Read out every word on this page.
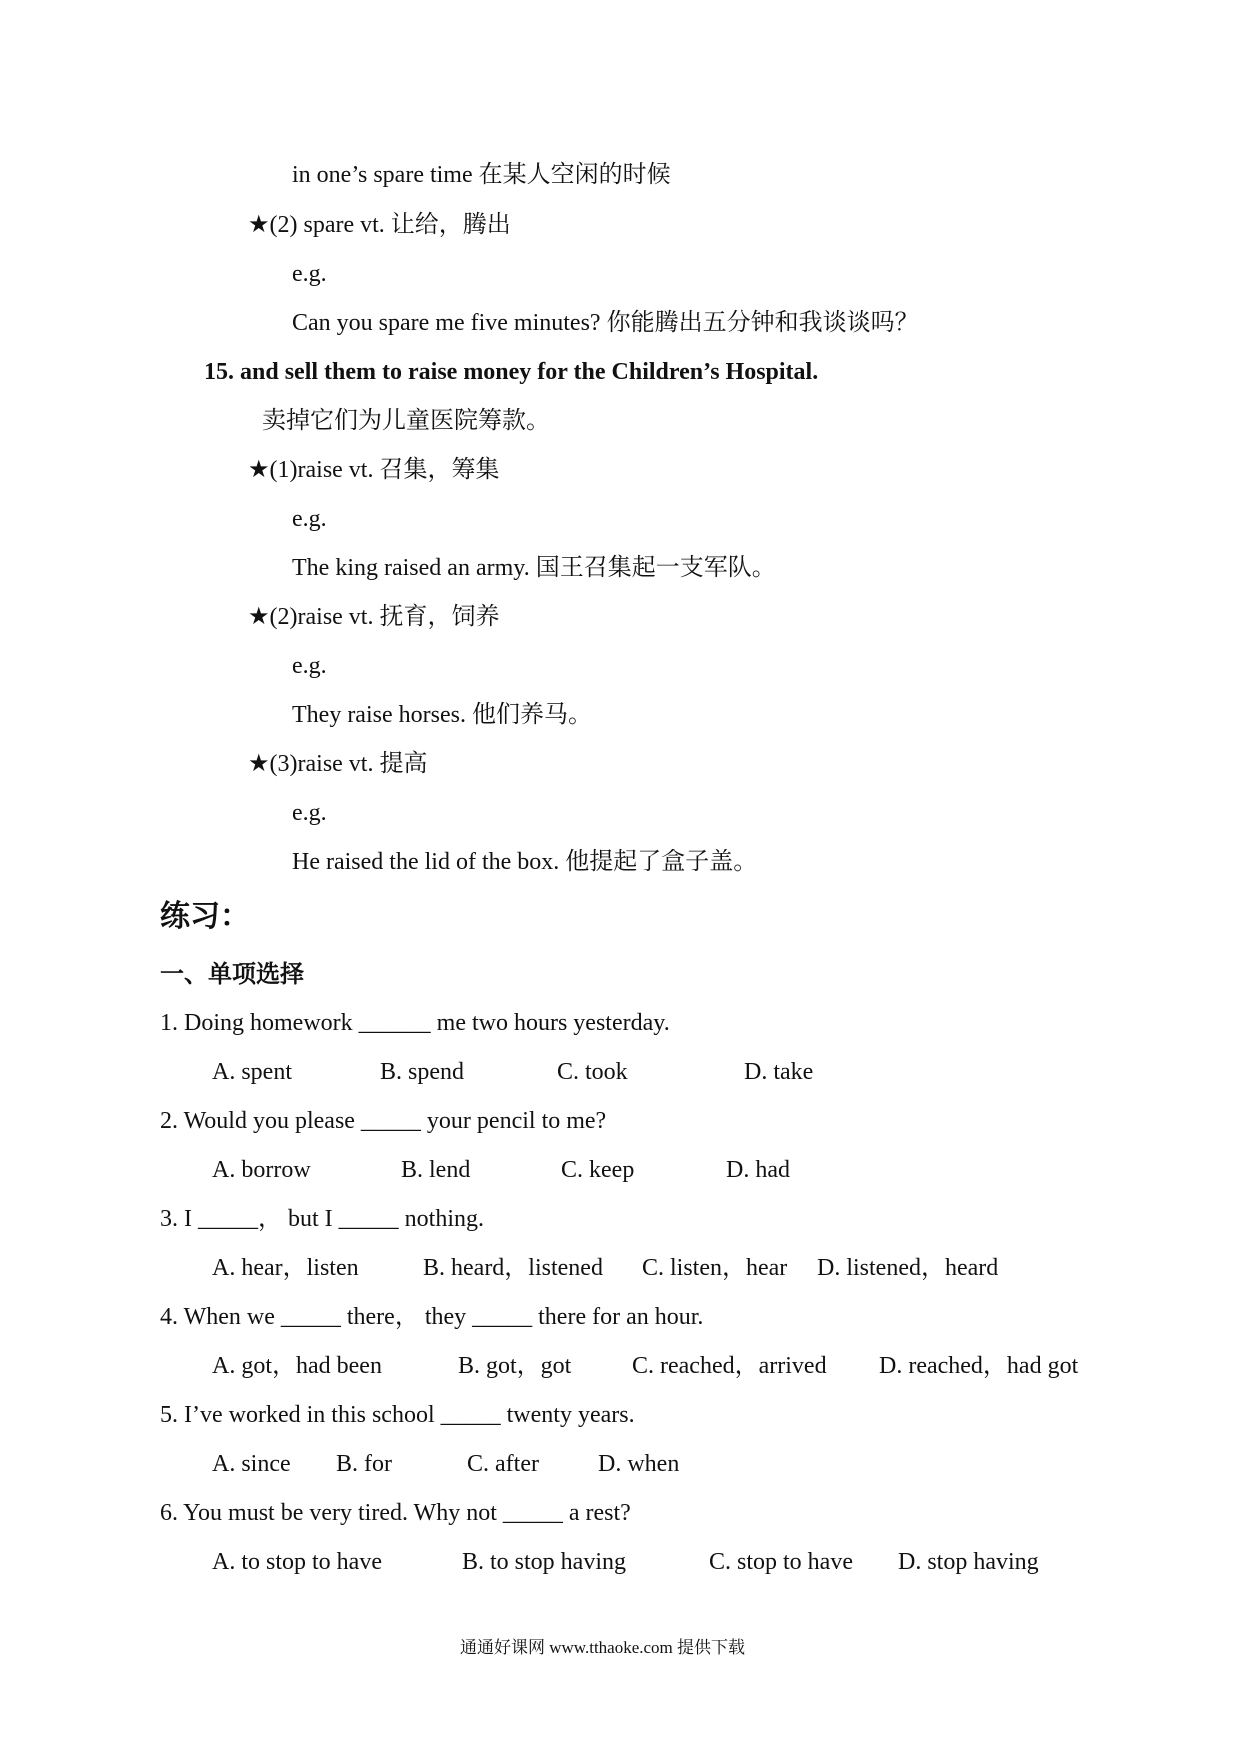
in one’s spare time 在某人空闲的时候
★(2) spare vt. 让给，腾出
e.g.
Can you spare me five minutes? 你能腾出五分钟和我谈谈吗？
15. and sell them to raise money for the Children’s Hospital.
卖掉它们为儿童医院筹款。
★(1)raise vt. 召集，筹集
e.g.
The king raised an army. 国王召集起一支军队。
★(2)raise vt. 抚育，饲养
e.g.
They raise horses. 他们养马。
★(3)raise vt. 提高
e.g.
He raised the lid of the box. 他提起了盒子盖。
练习：
一、单项选择
1. Doing homework ______ me two hours yesterday.
A. spent	B. spend	C. took	D. take
2. Would you please _____ your pencil to me?
A. borrow	B. lend	C. keep	D. had
3. I _____， but I _____ nothing.
A. hear，listen	B. heard，listened C. listen，hear D. listened，heard
4. When we _____ there， they _____ there for an hour.
A. got，had been	B. got，got	C. reached，arrived D. reached，had got
5. I’ve worked in this school _____ twenty years.
A. since B. for	C. after D. when
6. You must be very tired. Why not _____ a rest?
A. to stop to have	B. to stop having	C. stop to have D. stop having
通通好课网 www.tthaoke.com 提供下载
